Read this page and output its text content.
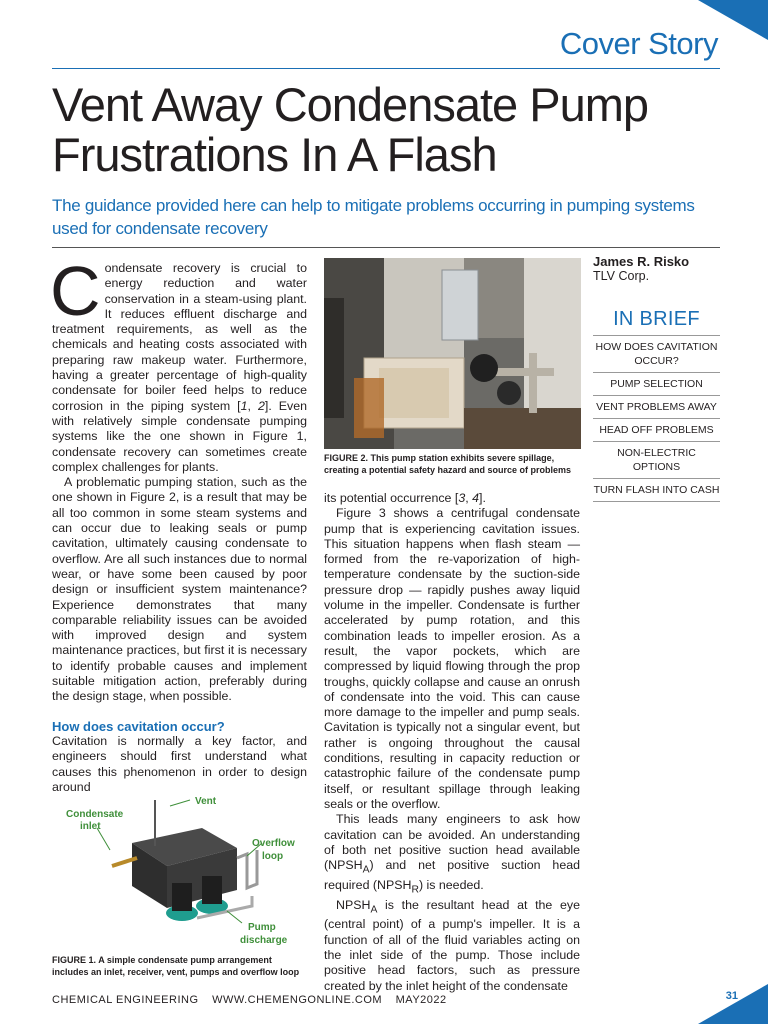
Cover Story
Vent Away Condensate Pump Frustrations In A Flash
The guidance provided here can help to mitigate problems occurring in pumping systems used for condensate recovery

Condensate recovery is crucial to energy reduction and water conservation in a steam-using plant. It reduces effluent discharge and treatment requirements, as well as the chemicals and heating costs associated with preparing raw makeup water. Furthermore, having a greater percentage of high-quality condensate for boiler feed helps to reduce corrosion in the piping system [1, 2]. Even with relatively simple condensate pumping systems like the one shown in Figure 1, condensate recovery can sometimes create complex challenges for plants.

A problematic pumping station, such as the one shown in Figure 2, is a result that may be all too common in some steam systems and can occur due to leaking seals or pump cavitation, ultimately causing condensate to overflow. Are all such instances due to normal wear, or have some been caused by poor design or insufficient system maintenance? Experience demonstrates that many comparable reliability issues can be avoided with improved design and system maintenance practices, but first it is necessary to identify probable causes and implement suitable mitigation action, preferably during the design stage, when possible.

How does cavitation occur?

Cavitation is normally a key factor, and engineers should first understand what causes this phenomenon in order to design around

FIGURE 2. This pump station exhibits severe spillage, creating a potential safety hazard and source of problems

its potential occurrence [3, 4].

Figure 3 shows a centrifugal condensate pump that is experiencing cavitation issues. This situation happens when flash steam — formed from the re-vaporization of high-temperature condensate by the suction-side pressure drop — rapidly pushes away liquid volume in the impeller. Condensate is further accelerated by pump rotation, and this combination leads to impeller erosion. As a result, the vapor pockets, which are compressed by liquid flowing through the prop troughs, quickly collapse and cause an onrush of condensate into the void. This can cause more damage to the impeller and pump seals. Cavitation is typically not a singular event, but rather is ongoing throughout the causal conditions, resulting in capacity reduction or catastrophic failure of the condensate pump itself, or resultant spillage through leaking seals or the overflow.

This leads many engineers to ask how cavitation can be avoided. An understanding of both net positive suction head available $(NPSH_A)$ and net positive suction head required $(NPSH_R)$ is needed.

$NPSH_A$ is the resultant head at the eye (central point) of a pump's impeller. It is a function of all of the fluid variables acting on the inlet side of the pump. Those include positive head factors, such as pressure created by the inlet height of the condensate

James R. Risko
TLV Corp.
IN BRIEF
HOW DOES CAVITATION OCCUR?
PUMP SELECTION
VENT PROBLEMS AWAY
HEAD OFF PROBLEMS
NON-ELECTRIC OPTIONS
TURN FLASH INTO CASH
Vent
Condensate
inlet
Overflow
loop
Pump
discharge
FIGURE 1. A simple condensate pump arrangement includes an inlet, receiver, vent, pumps and overflow loop
CHEMICAL ENGINEERING WWW.CHEMENGONLINE.COM MAY2022	31
